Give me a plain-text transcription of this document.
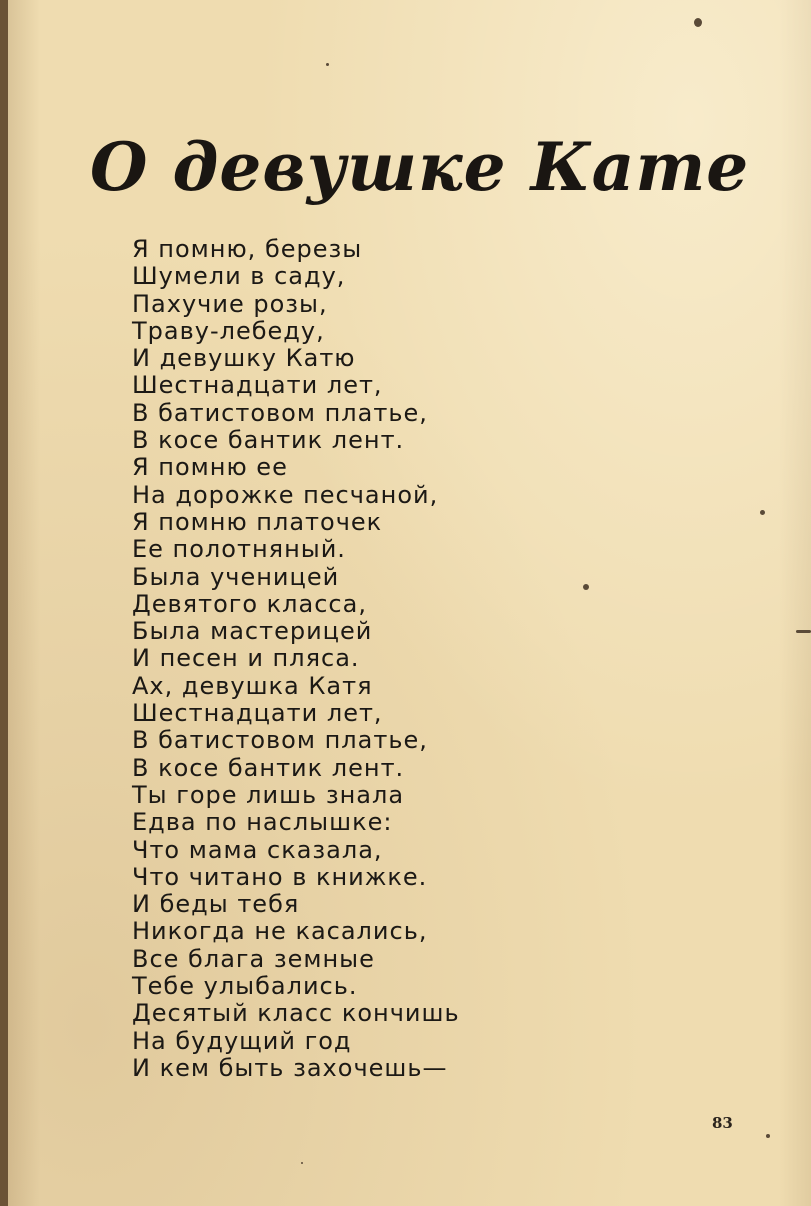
О девушке Кате
Я помню, березы
Шумели в саду,
Пахучие розы,
Траву-лебеду,
И девушку Катю
Шестнадцати лет,
В батистовом платье,
В косе бантик лент.
Я помню ее
На дорожке песчаной,
Я помню платочек
Ее полотняный.
Была ученицей
Девятого класса,
Была мастерицей
И песен и пляса.
Ах, девушка Катя
Шестнадцати лет,
В батистовом платье,
В косе бантик лент.
Ты горе лишь знала
Едва по наслышке:
Что мама сказала,
Что читано в книжке.
И беды тебя
Никогда не касались,
Все блага земные
Тебе улыбались.
Десятый класс кончишь
На будущий год
И кем быть захочешь—
83
